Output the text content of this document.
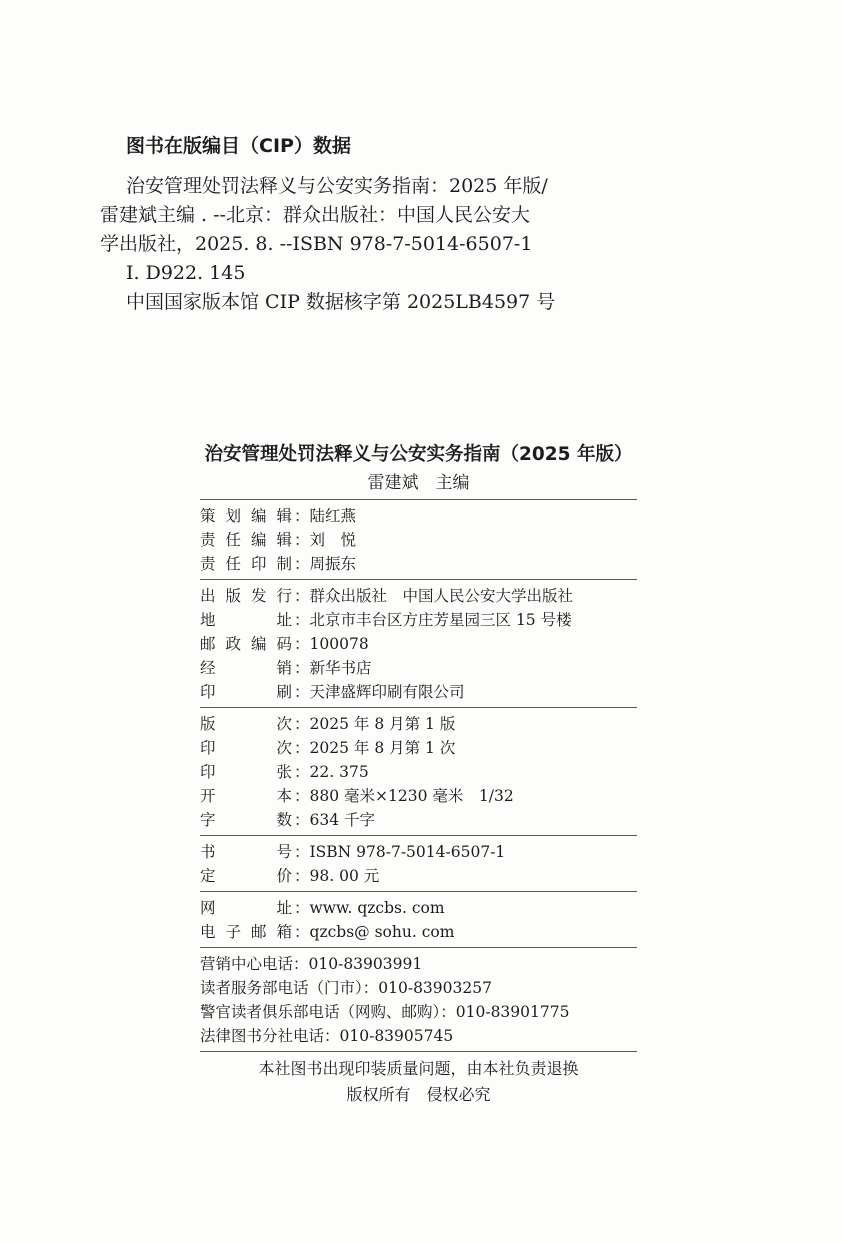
图书在版编目（CIP）数据
治安管理处罚法释义与公安实务指南：2025 年版/
雷建斌主编 . --北京：群众出版社：中国人民公安大
学出版社，2025. 8. --ISBN 978-7-5014-6507-1
Ⅰ. D922. 145
中国国家版本馆 CIP 数据核字第 2025LB4597 号
治安管理处罚法释义与公安实务指南（2025 年版）
雷建斌　主编
策划编辑 ： 陆红燕
责任编辑 ： 刘　悦
责任印制 ： 周振东
出版发行 ： 群众出版社　中国人民公安大学出版社
地　　址 ： 北京市丰台区方庄芳星园三区 15 号楼
邮政编码 ： 100078
经　　销 ： 新华书店
印　　刷 ： 天津盛辉印刷有限公司
版　　次 ： 2025 年 8 月第 1 版
印　　次 ： 2025 年 8 月第 1 次
印　　张 ： 22. 375
开　　本 ： 880 毫米×1230 毫米　1/32
字　　数 ： 634 千字
书　　号 ： ISBN 978-7-5014-6507-1
定　　价 ： 98. 00 元
网　　址 ： www. qzcbs. com
电子邮箱 ： qzcbs@ sohu. com
营销中心电话：010-83903991
读者服务部电话（门市）：010-83903257
警官读者俱乐部电话（网购、邮购）：010-83901775
法律图书分社电话：010-83905745
本社图书出现印装质量问题，由本社负责退换
版权所有　侵权必究
